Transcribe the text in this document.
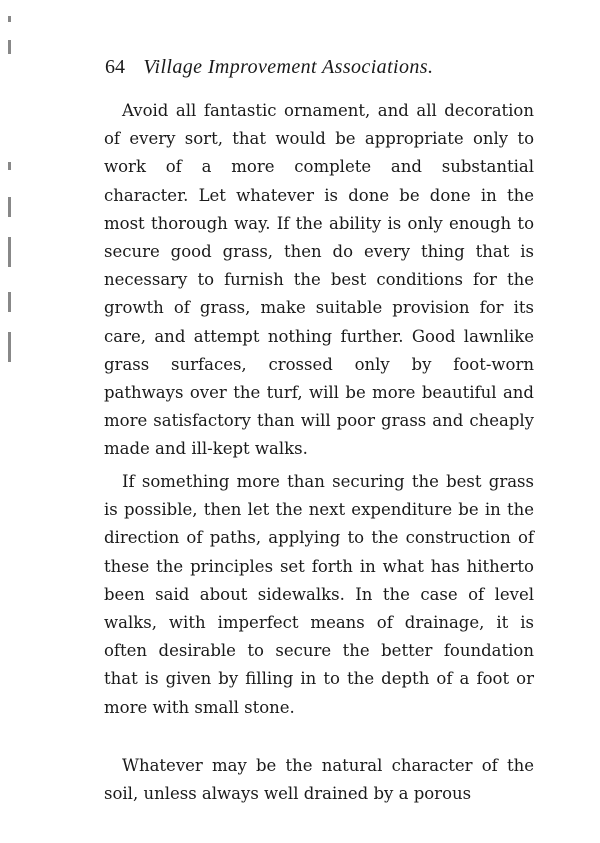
64 Village Improvement Associations.

Avoid all fantastic ornament, and all decoration of every sort, that would be appropriate only to work of a more complete and substantial character. Let whatever is done be done in the most thorough way. If the ability is only enough to secure good grass, then do every thing that is necessary to furnish the best conditions for the growth of grass, make suitable provision for its care, and attempt nothing further. Good lawnlike grass surfaces, crossed only by foot-worn pathways over the turf, will be more beautiful and more satisfactory than will poor grass and cheaply made and ill-kept walks.

If something more than securing the best grass is possible, then let the next expenditure be in the direction of paths, applying to the construction of these the principles set forth in what has hitherto been said about sidewalks. In the case of level walks, with imperfect means of drainage, it is often desirable to secure the better foundation that is given by filling in to the depth of a foot or more with small stone.

Whatever may be the natural character of the soil, unless always well drained by a porous
